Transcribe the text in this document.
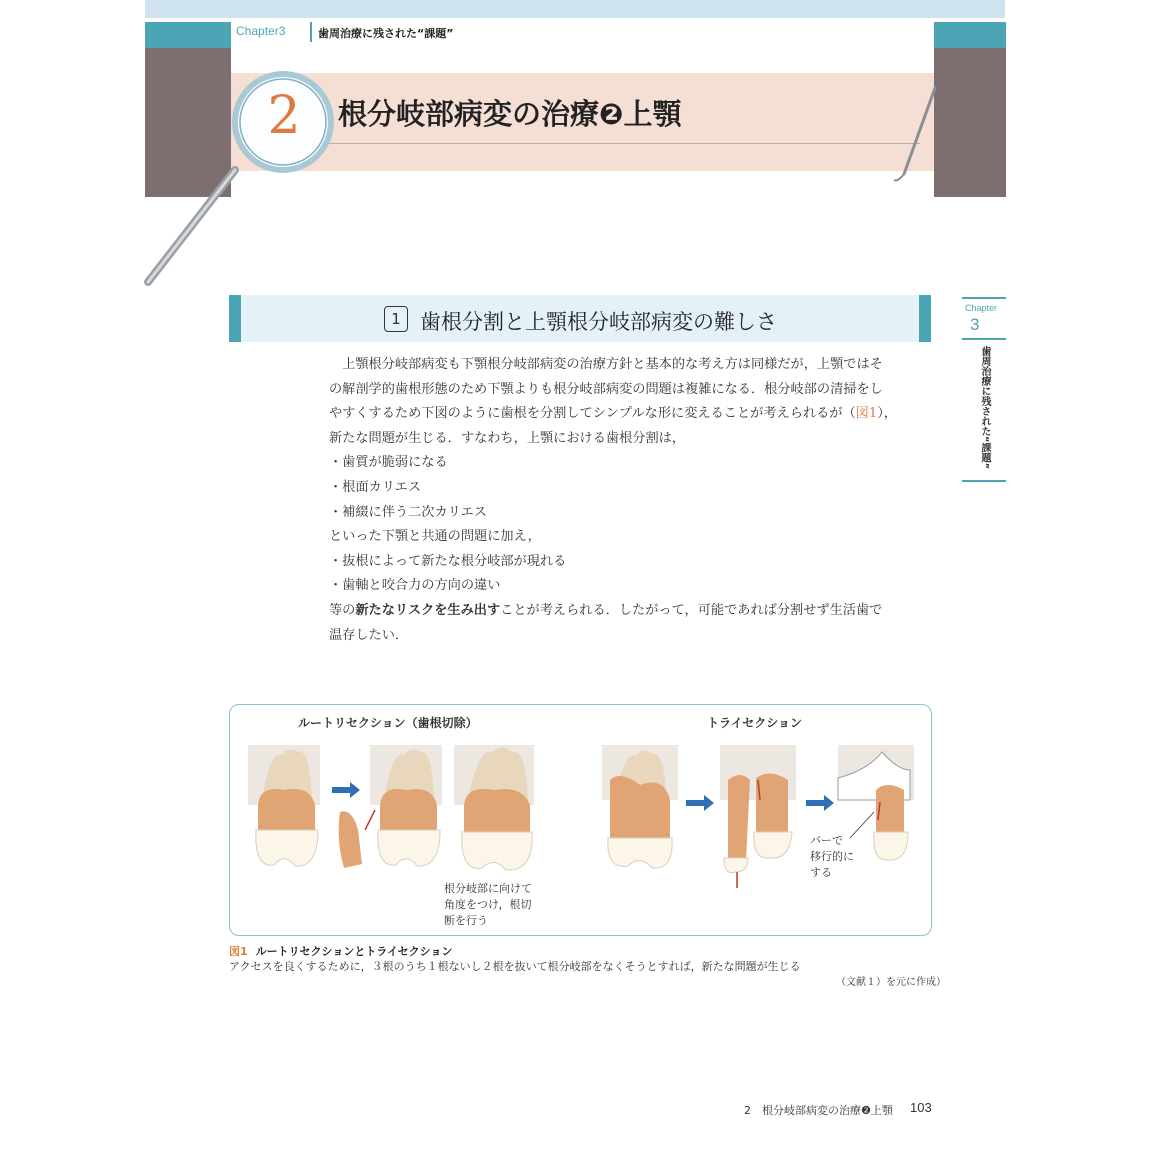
Chapter3	歯周治療に残された“課題”
2	根分岐部病変の治療❷上顎
1 歯根分割と上顎根分岐部病変の難しさ
Chapter
3
歯周治療に残された“課題”

上顎根分岐部病変も下顎根分岐部病変の治療方針と基本的な考え方は同様だが，上顎ではそ

の解剖学的歯根形態のため下顎よりも根分岐部病変の問題は複雑になる．根分岐部の清掃をし

やすくするため下図のように歯根を分割してシンプルな形に変えることが考えられるが（図1），

新たな問題が生じる．すなわち，上顎における歯根分割は，

・歯質が脆弱になる

・根面カリエス

・補綴に伴う二次カリエス

といった下顎と共通の問題に加え，

・抜根によって新たな根分岐部が現れる

・歯軸と咬合力の方向の違い

等の新たなリスクを生み出すことが考えられる．したがって，可能であれば分割せず生活歯で

温存したい．

ルートリセクション（歯根切除）	トライセクション
根分岐部に向けて
角度をつけ，根切
断を行う
バーで
移行的に
する
図1 ルートリセクションとトライセクション
アクセスを良くするために，３根のうち１根ないし２根を抜いて根分岐部をなくそうとすれば，新たな問題が生じる
（文献１）を元に作成）
2　根分岐部病変の治療❷上顎 103
